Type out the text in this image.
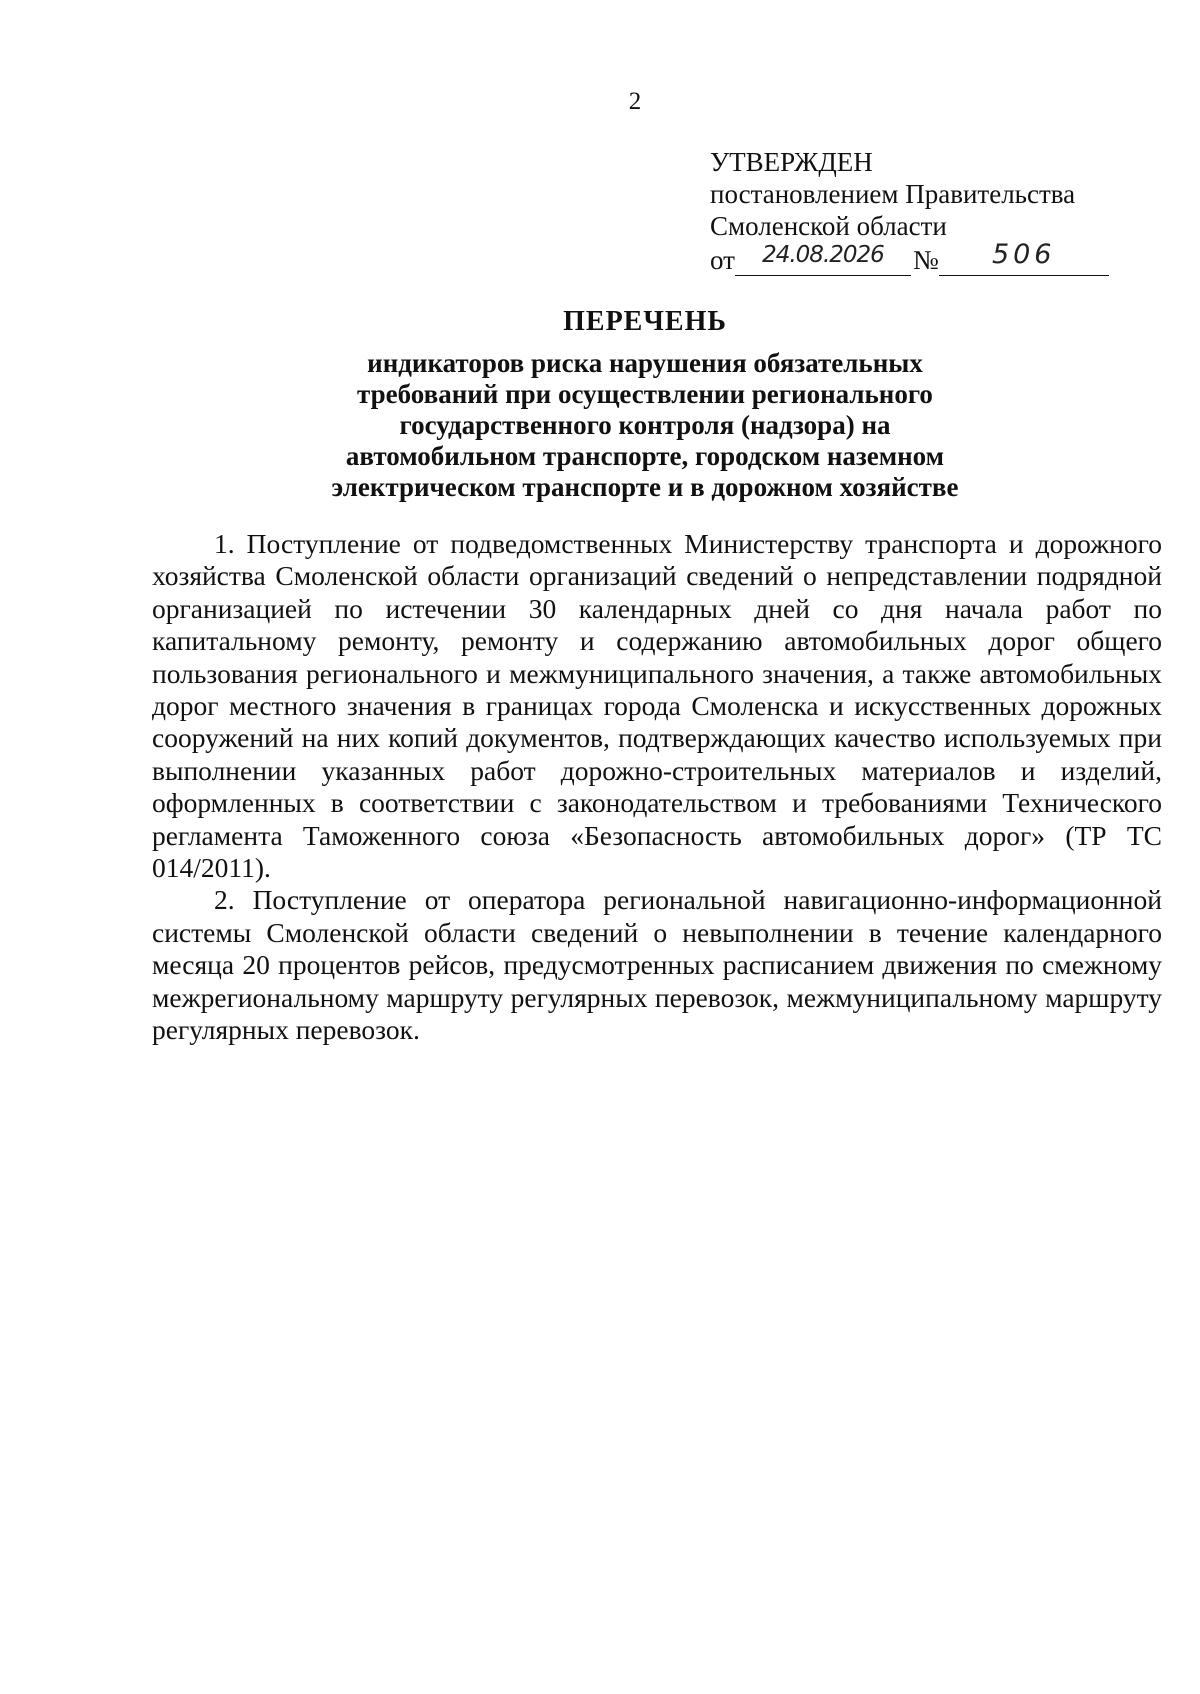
2
УТВЕРЖДЕН
постановлением Правительства
Смоленской области
от	24.08.2026	№	506
ПЕРЕЧЕНЬ
индикаторов риска нарушения обязательных
требований при осуществлении регионального
государственного контроля (надзора) на
автомобильном транспорте, городском наземном
электрическом транспорте и в дорожном хозяйстве

1. Поступление от подведомственных Министерству транспорта и дорожного хозяйства Смоленской области организаций сведений о непредставлении подрядной организацией по истечении 30 календарных дней со дня начала работ по капитальному ремонту, ремонту и содержанию автомобильных дорог общего пользования регионального и межмуниципального значения, а также автомобильных дорог местного значения в границах города Смоленска и искусственных дорожных сооружений на них копий документов, подтверждающих качество используемых при выполнении указанных работ дорожно-строительных материалов и изделий, оформленных в соответствии с законодательством и требованиями Технического регламента Таможенного союза «Безопасность автомобильных дорог» (ТР ТС 014/2011).

2. Поступление от оператора региональной навигационно-информационной системы Смоленской области сведений о невыполнении в течение календарного месяца 20 процентов рейсов, предусмотренных расписанием движения по смежному межрегиональному маршруту регулярных перевозок, межмуниципальному маршруту регулярных перевозок.
